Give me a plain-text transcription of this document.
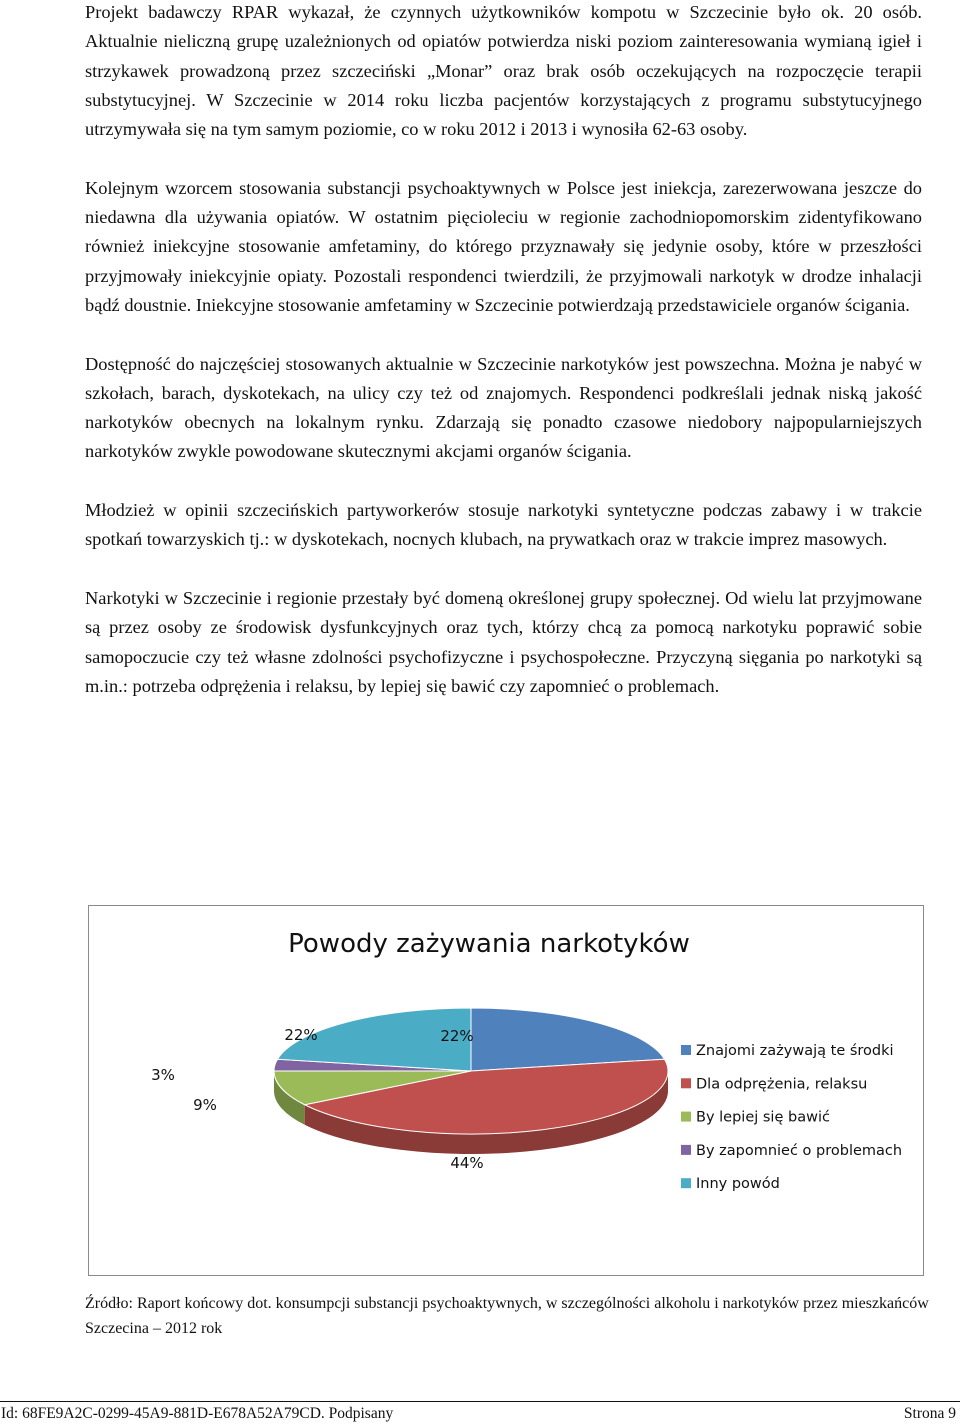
Projekt badawczy RPAR wykazał, że czynnych użytkowników kompotu w Szczecinie było ok. 20 osób. Aktualnie nieliczną grupę uzależnionych od opiatów potwierdza niski poziom zainteresowania wymianą igieł i strzykawek prowadzoną przez szczeciński „Monar” oraz brak osób oczekujących na rozpoczęcie terapii substytucyjnej. W Szczecinie w 2014 roku liczba pacjentów korzystających z programu substytucyjnego utrzymywała się na tym samym poziomie, co w roku 2012 i 2013 i wynosiła 62-63 osoby.

Kolejnym wzorcem stosowania substancji psychoaktywnych w Polsce jest iniekcja, zarezerwowana jeszcze do niedawna dla używania opiatów. W ostatnim pięcioleciu w regionie zachodniopomorskim zidentyfikowano również iniekcyjne stosowanie amfetaminy, do którego przyznawały się jedynie osoby, które w przeszłości przyjmowały iniekcyjnie opiaty. Pozostali respondenci twierdzili, że przyjmowali narkotyk w drodze inhalacji bądź doustnie. Iniekcyjne stosowanie amfetaminy w Szczecinie potwierdzają przedstawiciele organów ścigania.

Dostępność do najczęściej stosowanych aktualnie w Szczecinie narkotyków jest powszechna. Można je nabyć w szkołach, barach, dyskotekach, na ulicy czy też od znajomych. Respondenci podkreślali jednak niską jakość narkotyków obecnych na lokalnym rynku. Zdarzają się ponadto czasowe niedobory najpopularniejszych narkotyków zwykle powodowane skutecznymi akcjami organów ścigania.

Młodzież w opinii szczecińskich partyworkerów stosuje narkotyki syntetyczne podczas zabawy i w trakcie spotkań towarzyskich tj.: w dyskotekach, nocnych klubach, na prywatkach oraz w trakcie imprez masowych.

Narkotyki w Szczecinie i regionie przestały być domeną określonej grupy społecznej. Od wielu lat przyjmowane są przez osoby ze środowisk dysfunkcyjnych oraz tych, którzy chcą za pomocą narkotyku poprawić sobie samopoczucie czy też własne zdolności psychofizyczne i psychospołeczne. Przyczyną sięgania po narkotyki są m.in.: potrzeba odprężenia i relaksu, by lepiej się bawić czy zapomnieć o problemach.

Powody zażywania narkotyków
22%
44%
9%
3%
22%
Znajomi zażywają te środki
Dla odprężenia, relaksu
By lepiej się bawić
By zapomnieć o problemach
Inny powód
Źródło: Raport końcowy dot. konsumpcji substancji psychoaktywnych, w szczególności alkoholu i narkotyków przez mieszkańców Szczecina – 2012 rok
Id: 68FE9A2C-0299-45A9-881D-E678A52A79CD. Podpisany	Strona 9
